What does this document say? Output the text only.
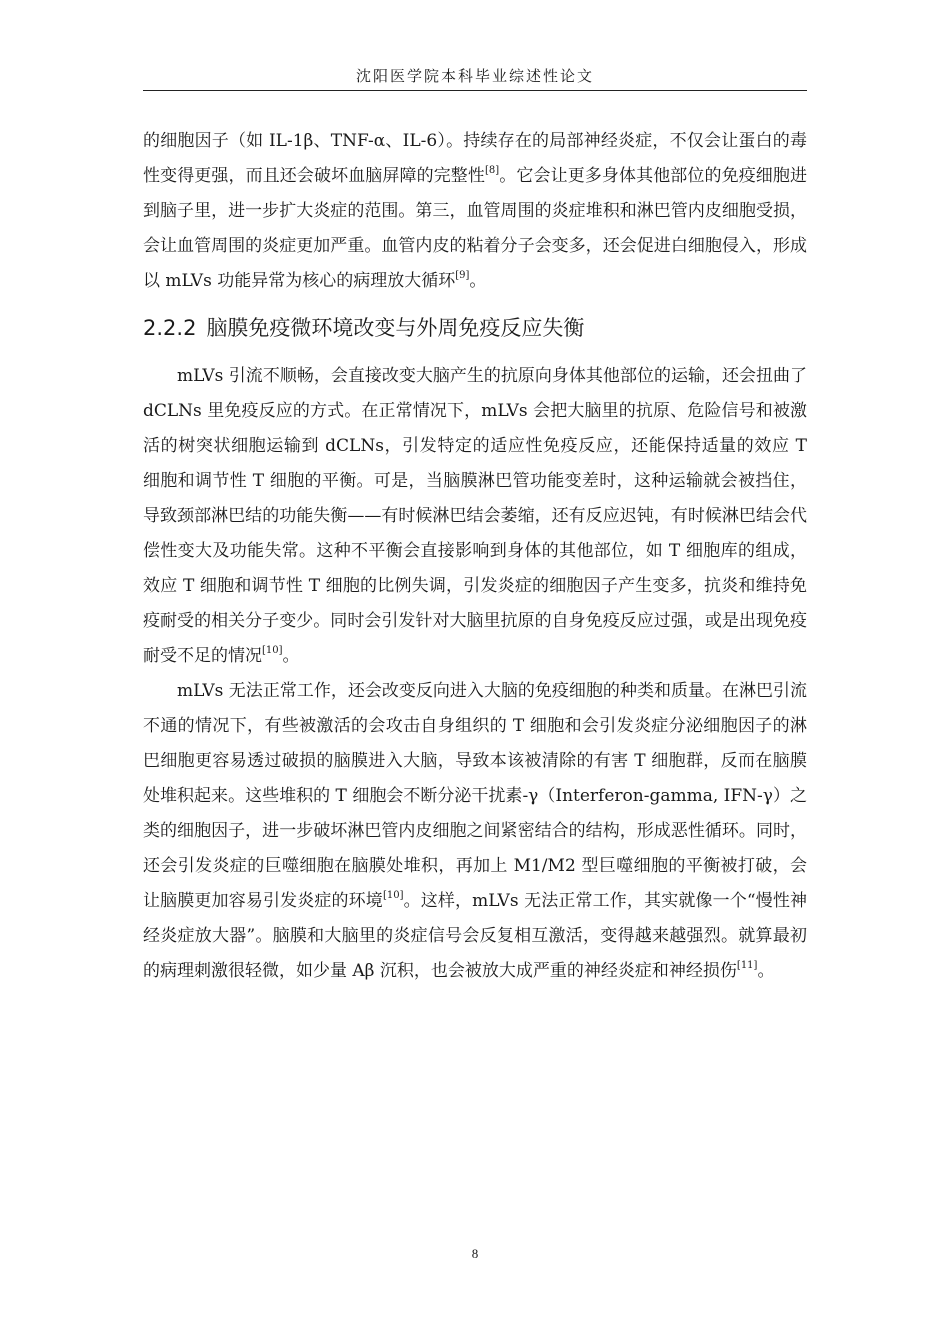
沈阳医学院本科毕业综述性论文

的细胞因子（如 IL-1β、TNF-α、IL-6）。持续存在的局部神经炎症，不仅会让蛋白的毒性变得更强，而且还会破坏血脑屏障的完整性[8]。它会让更多身体其他部位的免疫细胞进到脑子里，进一步扩大炎症的范围。第三，血管周围的炎症堆积和淋巴管内皮细胞受损，会让血管周围的炎症更加严重。血管内皮的粘着分子会变多，还会促进白细胞侵入，形成以 mLVs 功能异常为核心的病理放大循环[9]。

2.2.2 脑膜免疫微环境改变与外周免疫反应失衡

mLVs 引流不顺畅，会直接改变大脑产生的抗原向身体其他部位的运输，还会扭曲了 dCLNs 里免疫反应的方式。在正常情况下，mLVs 会把大脑里的抗原、危险信号和被激活的树突状细胞运输到 dCLNs，引发特定的适应性免疫反应，还能保持适量的效应 T 细胞和调节性 T 细胞的平衡。可是，当脑膜淋巴管功能变差时，这种运输就会被挡住，导致颈部淋巴结的功能失衡——有时候淋巴结会萎缩，还有反应迟钝，有时候淋巴结会代偿性变大及功能失常。这种不平衡会直接影响到身体的其他部位，如 T 细胞库的组成，效应 T 细胞和调节性 T 细胞的比例失调，引发炎症的细胞因子产生变多，抗炎和维持免疫耐受的相关分子变少。同时会引发针对大脑里抗原的自身免疫反应过强，或是出现免疫耐受不足的情况[10]。

mLVs 无法正常工作，还会改变反向进入大脑的免疫细胞的种类和质量。在淋巴引流不通的情况下，有些被激活的会攻击自身组织的 T 细胞和会引发炎症分泌细胞因子的淋巴细胞更容易透过破损的脑膜进入大脑，导致本该被清除的有害 T 细胞群，反而在脑膜处堆积起来。这些堆积的 T 细胞会不断分泌干扰素-γ（Interferon-gamma, IFN-γ）之类的细胞因子，进一步破坏淋巴管内皮细胞之间紧密结合的结构，形成恶性循环。同时，还会引发炎症的巨噬细胞在脑膜处堆积，再加上 M1/M2 型巨噬细胞的平衡被打破，会让脑膜更加容易引发炎症的环境[10]。这样，mLVs 无法正常工作，其实就像一个“慢性神经炎症放大器”。脑膜和大脑里的炎症信号会反复相互激活，变得越来越强烈。就算最初的病理刺激很轻微，如少量 Aβ 沉积，也会被放大成严重的神经炎症和神经损伤[11]。

8
